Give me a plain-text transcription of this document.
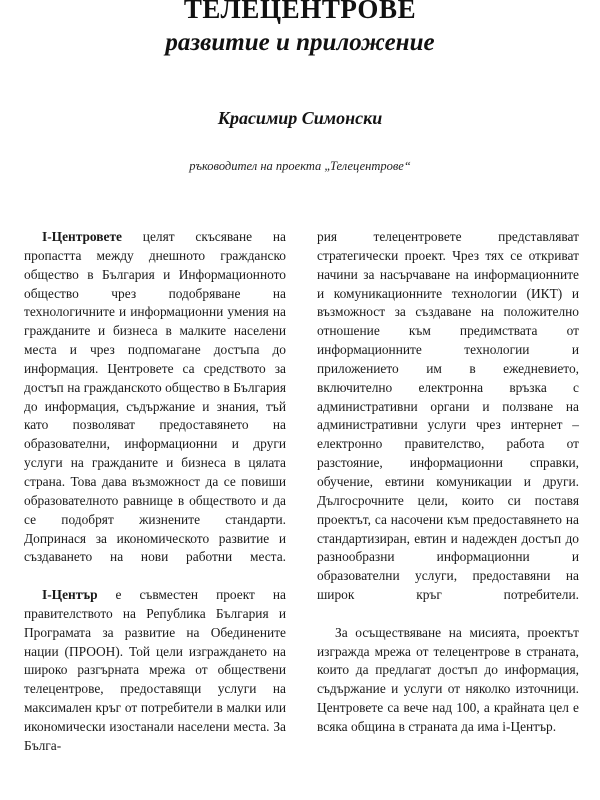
ТЕЛЕЦЕНТРОВЕ
развитие и приложение
Красимир Симонски
ръководител на проекта „Телецентрове“

I-Центровете целят скъсяване на пропастта между днешното гражданско общество в България и Информационното общество чрез подобряване на технологичните и информационни умения на гражданите и бизнеса в малките населени места и чрез подпомагане достъпа до информация. Центровете са средството за достъп на гражданското общество в България до информация, съдържание и знания, тъй като позволяват предоставянето на образователни, информационни и други услуги на гражданите и бизнеса в цялата страна. Това дава възможност да се повиши образователното равнище в обществото и да се подобрят жизнените стандарти. Допринася за икономическото развитие и създаването на нови работни места.

I-Център е съвместен проект на правителството на Република България и Програмата за развитие на Обединените нации (ПРООН). Той цели изграждането на широко разгърната мрежа от обществени телецентрове, предоставящи услуги на максимален кръг от потребители в малки или икономически изостанали населени места. За Бълга-

рия телецентровете представляват стратегически проект. Чрез тях се откриват начини за насърчаване на информационните и комуникационните технологии (ИКТ) и възможност за създаване на положително отношение към предимствата от информационните технологии и приложението им в ежедневието, включително електронна връзка с административни органи и ползване на административни услуги чрез интернет – електронно правителство, работа от разстояние, информационни справки, обучение, евтини комуникации и други. Дългосрочните цели, които си поставя проектът, са насочени към предоставянето на стандартизиран, евтин и надежден достъп до разнообразни информационни и образователни услуги, предоставяни на широк кръг потребители.

За осъществяване на мисията, проектът изгражда мрежа от телецентрове в страната, които да предлагат достъп до информация, съдържание и услуги от няколко източници. Центровете са вече над 100, а крайната цел е всяка община в страната да има i-Център.
